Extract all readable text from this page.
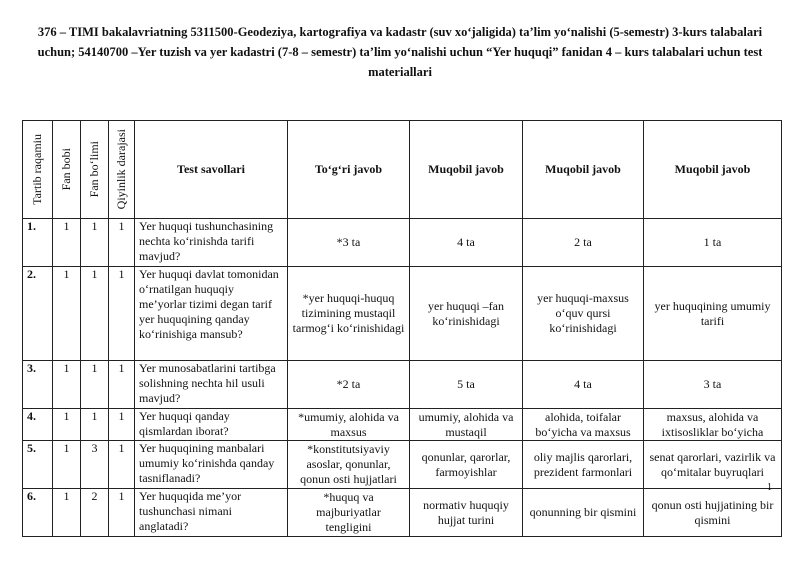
376 – TIMI bakalavriatning 5311500-Geodeziya, kartografiya va kadastr (suv xo‘jaligida) ta’lim yo‘nalishi (5-semestr) 3-kurs talabalari uchun; 54140700 –Yer tuzish va yer kadastri (7-8 – semestr) ta’lim yo‘nalishi uchun “Yer huquqi” fanidan 4 – kurs talabalari uchun test materiallari
Tartib raqamiu	Fan bobi	Fan bo‘limi	Qiyinlik darajasi	Test savollari	To‘g‘ri javob	Muqobil javob	Muqobil javob	Muqobil javob
1.	1	1	1	Yer huquqi tushunchasining nechta ko‘rinishda tarifi mavjud?	*3 ta	4 ta	2 ta	1 ta
2.	1	1	1	Yer huquqi davlat tomonidan o‘rnatilgan huquqiy me’yorlar tizimi degan tarif yer huquqining qanday ko‘rinishiga mansub?	*yer huquqi-huquq tizimining mustaqil tarmog‘i ko‘rinishidagi	yer huquqi –fan ko‘rinishidagi	yer huquqi-maxsus o‘quv qursi ko‘rinishidagi	yer huquqining umumiy tarifi
3.	1	1	1	Yer munosabatlarini tartibga solishning nechta hil usuli mavjud?	*2 ta	5 ta	4 ta	3 ta
4.	1	1	1	Yer huquqi qanday qismlardan iborat?	*umumiy, alohida va maxsus	umumiy, alohida va mustaqil	alohida, toifalar bo‘yicha va maxsus	maxsus, alohida va ixtisosliklar bo‘yicha
5.	1	3	1	Yer huquqining manbalari umumiy ko‘rinishda qanday tasniflanadi?	*konstitutsiyaviy asoslar, qonunlar, qonun osti hujjatlari	qonunlar, qarorlar, farmoyishlar	oliy majlis qarorlari, prezident farmonlari	senat qarorlari, vazirlik va qo‘mitalar buyruqlari
6.	1	2	1	Yer huquqida me’yor tushunchasi nimani anglatadi?	*huquq va majburiyatlar tengligini	normativ huquqiy hujjat turini	qonunning bir qismini	qonun osti hujjatining bir qismini
1
